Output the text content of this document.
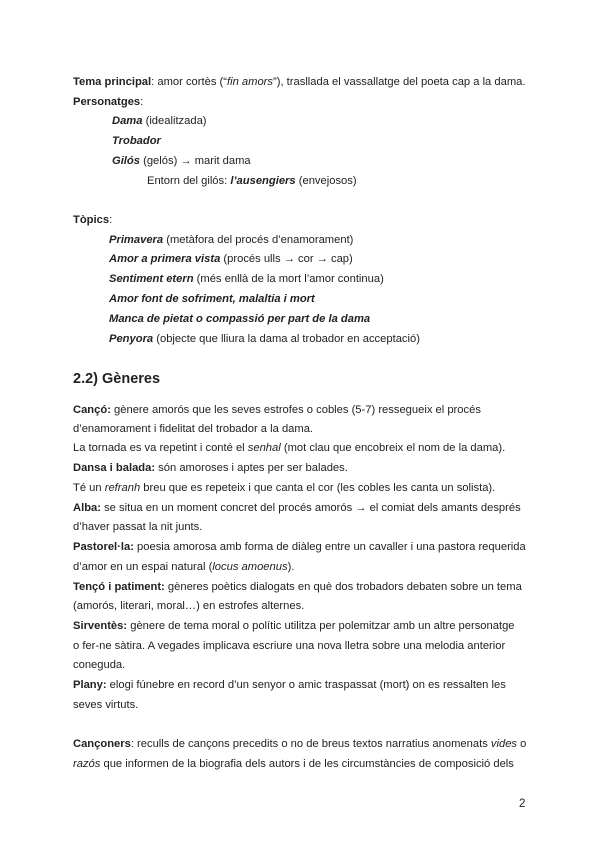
Tema principal: amor cortès (“fin amors”), traslladа el vassallatge del poeta cap a la dama.
Personatges:
Dama (idealitzada)
Trobador
Gilós (gelós) → marit dama
Entorn del gilós: l’ausengiers (envejosos)
Tòpics:
Primavera (metàfora del procés d’enamorament)
Amor a primera vista (procés ulls → cor → cap)
Sentiment etern (més enllà de la mort l’amor continua)
Amor font de sofriment, malaltia i mort
Manca de pietat o compassió per part de la dama
Penyora (objecte que lliura la dama al trobador en acceptació)
2.2) Gèneres
Cançó: gènere amorós que les seves estrofes o cobles (5-7) ressegueix el procés
d’enamorament i fidelitat del trobador a la dama.
La tornada es va repetint i conté el senhal (mot clau que encobreix el nom de la dama).
Dansa i balada: són amoroses i aptes per ser balades.
Té un refranh breu que es repeteix i que canta el cor (les cobles les canta un solista).
Alba: se situa en un moment concret del procés amorós → el comiat dels amants després
d’haver passat la nit junts.
Pastorel·la: poesia amorosa amb forma de diàleg entre un cavaller i una pastora requerida
d’amor en un espai natural (locus amoenus).
Tençó i patiment: gèneres poètics dialogats en què dos trobadors debaten sobre un tema
(amorós, literari, moral…) en estrofes alternes.
Sirventès: gènere de tema moral o polític utilitza per polemitzar amb un altre personatge
o fer-ne sàtira. A vegades implicava escriure una nova lletra sobre una melodia anterior
coneguda.
Plany: elogi fúnebre en record d’un senyor o amic traspassat (mort) on es ressalten les
seves virtuts.
Cançoners: reculls de cançons precedits o no de breus textos narratius anomenats vides o
razós que informen de la biografia dels autors i de les circumstàncies de composició dels
2
